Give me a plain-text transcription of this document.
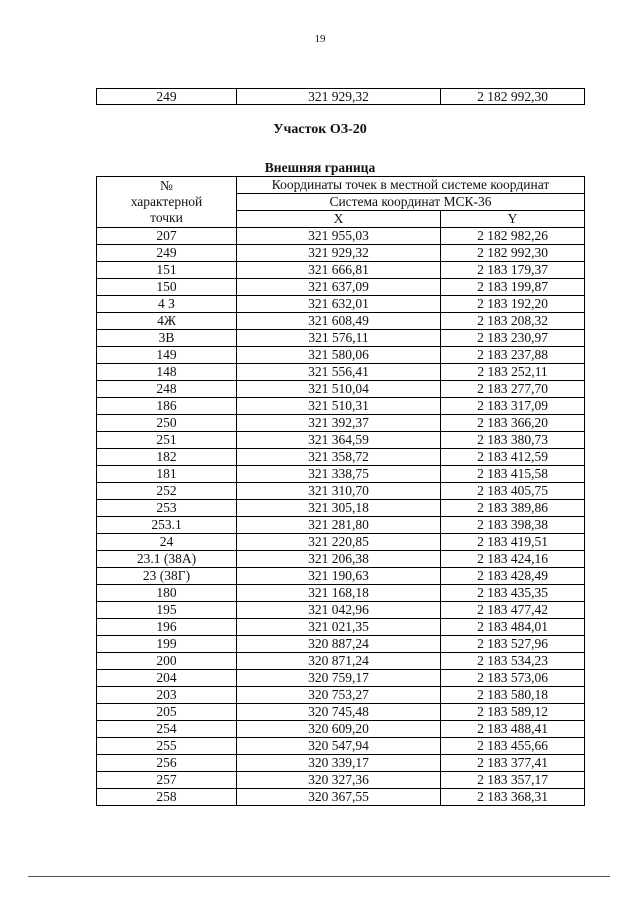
19
249	321 929,32	2 182 992,30
Участок ОЗ-20
Внешняя граница
№ характерной точки	Координаты точек в местной системе координат	
	Система координат МСК-36	
	X	Y
207	321 955,03	2 182 982,26
249	321 929,32	2 182 992,30
151	321 666,81	2 183 179,37
150	321 637,09	2 183 199,87
4 З	321 632,01	2 183 192,20
4Ж	321 608,49	2 183 208,32
3В	321 576,11	2 183 230,97
149	321 580,06	2 183 237,88
148	321 556,41	2 183 252,11
248	321 510,04	2 183 277,70
186	321 510,31	2 183 317,09
250	321 392,37	2 183 366,20
251	321 364,59	2 183 380,73
182	321 358,72	2 183 412,59
181	321 338,75	2 183 415,58
252	321 310,70	2 183 405,75
253	321 305,18	2 183 389,86
253.1	321 281,80	2 183 398,38
24	321 220,85	2 183 419,51
23.1 (38А)	321 206,38	2 183 424,16
23 (38Г)	321 190,63	2 183 428,49
180	321 168,18	2 183 435,35
195	321 042,96	2 183 477,42
196	321 021,35	2 183 484,01
199	320 887,24	2 183 527,96
200	320 871,24	2 183 534,23
204	320 759,17	2 183 573,06
203	320 753,27	2 183 580,18
205	320 745,48	2 183 589,12
254	320 609,20	2 183 488,41
255	320 547,94	2 183 455,66
256	320 339,17	2 183 377,41
257	320 327,36	2 183 357,17
258	320 367,55	2 183 368,31
